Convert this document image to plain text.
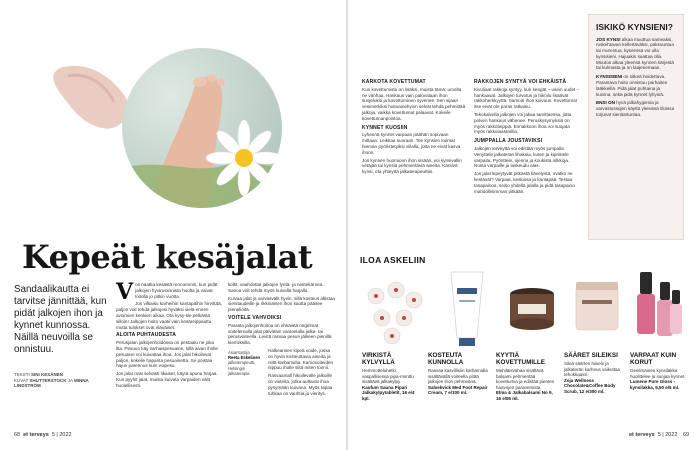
Kepeät kesäjalat
Sandaalikautta ei tarvitse jännittää, kun pidät jalkojen ihon ja kynnet kunnossa. Näillä neuvoilla se onnistuu.
TEKSTI SINI KESÄNEN
KUVAT SHUTTERSTOCK JA MINNA LINDSTRÖM
V oit naattia kesästä rennommin, kun pidät jalkojen hyvinvoinnista huolta ja vaivat loitolla jo pitkin vuotta.
Jos vilkaisu karheihin kantapäihin hirvittää, paljon voit tehdä jalkojesi hyväksi vielä ennen avoimien kenkien aikaa. Ota kysy-sie pelkästä silloin! Jalkojen hoito vaatii vain kesäreippautta mutta tulokset ovat eläväiset.
ALOITA PUHTAUDESTA
Perusjalan jalkojenhoidossa on pestaalu ne joka ilta. Pesuun käy varhaispesuaine, sillä aivan iholle pesuaine voi kuivattaa ihoa. Jos jalat hikoilevat paljon, kokeile hapanta pesuainetta. Se poistaa hajun parennus kuin voipesu.
Jos jalat ovat selvästi likaiset, käytä apuna harjaa. Kun pyyhit jalat, muista kuivata varpaiden välit huolellisesti.
koltit, vaahdottat jalkojen lyntä- ja nestekärnea. Sanoa voit tehdä myös kuivalla harjalla.
Kuivaa jalat ja varvasvälit hyvin, sillä kosteus altistaa sienitaudeille ja rikkinäisen ihon kautta pääsee pieneliöitä.
VOITELE VAHVOIKSI
Parasta jalkojenhoitoa on ehkäistä ongelmat voitelemalla jalat päivittäin vanteelalla jalka- tai perusvoiteella. Levitä rasvaa pesun jälkeen pienillä kierroksilla.
Halkeamien kipeä voide, jossa on hyvin kosteuttavia aineita ja niitä karbamidia. Karvovoiteiden riippuu iholle siitä miten toimii.
Rasvaamall hikoilevalle jalkoille on voiteita, jotka auttavat ihoa pysymään kuivana. Myös tapaa tuhkaa on vauhtia ja vieritys.
Asiantuntija
Reeta Eskelinen
jalkaterapeutti, Helsingin jalkaterapia
68 et terveys 5 | 2022
KARKOTA KOVETTUMAT
Kun kovettumista on lisäksi, muista tämä: umolta ne vanhaa. Hankaus vain palovataan ihon suojeluksi ja kovettuminen syvenee. Sen sijaan vesimerkiksi hoitoainehyvin selvät tehdä pehmittää jalkoja, vaikka kovettumat palaavat. Kokeile kovettumanpoistoa.
KYNNET KUOSIIN
Lyhennä kynnet varpaan päähän sopivaan mittaan. Leikkaa suoraan. Tee kynsien kulmat hieman pyöristetyiksi viilalla, jotta ne eivät kasva ihoon.
Jos kynnen huomioon ihon sisään, voi kynsivallin vetäjää tai kynsiä pehmentäviä aineita. Kärsivä kynsi, ota yhteyttä jalkaterapeuttiin.
RAKKOJEN SYNTYÄ VOI EHKÄISTÄ
Kivuliaat rakkoja syntyy, kun kengät – usein uudet – hankaavat. Jalkojen turvotus ja hikoilu lisäävät rakkoherkkyyttä. Samoin ihon kuivuus. Kovettumat itse eivät ole paras ratkaisu.
Tekokalvolla jalkojen voi jakaa tarvittaessa, jotta polven hankaus vähenee. Peruskysymyksiä on myös rakkoteippiä. Ennakkoon ihoa voi suojata myös rakkolaastarilla.
JUMPPALLA JOUSTAVIKSI
Jalkojen terveyttä voi edistää myös jumpalla. Venyttele jalkaterän lihaksia, kuten ja kipristele varpaita. Pyörittele, ojenna ja koukista nilkkoja. Nosta varpaille ja laskeudu alas.
Jos jalat kipeytyvät pitkästä kävelystä, ovatko ne kestävät? Varpaat, keskiosa ja kantapää. Testaa tasapainoa, seiso yhdellä jalalla ja pidä tasapaino mahdollisimman pitkään.
ISKIKÖ KYNSIENI?

JOS KYNSI alkaa muuttua sameaksi, ruskehtavan kellertäväksi, paksuuntua tai murentua, kyseessä voi olla kynsisieni. Hajuakin saattaa olla. Muutos alkaa yleensä kynnen kärjestä tai kulmasta ja on laajenemaan.

KYNSISIENI on sitkeä hoidettava. Parantava hoito onnistuu parhaiten lääkkeillä. Pidä jalat puhtaina ja kuivina, sekä pidä kynnet lyhyinä.

ENSI ON hyvä jalkahygienia ja varvastossujen käyttö yleisissä tiloissa torjuvat sienitartuntaa.

ILOA ASKELIIN
VIRKISTÄ KYLVYLLÄ
Hemmotteluhetki vaspallisessa pipa-rminttu sisältävä jalkakylpy.
Kaufum Sauna Pipari Jalkakylpytabletit, 16 e/4 kpl.
KOSTEUTA KUNNOLLA
Rasvaa kasvillisiin karbamidia sisältävällä voiteella pitää jalkojen ihon pehmeänä.
Salvekvick Med Foot Repair Cream, 7 e/100 ml.
KYYTIÄ KOVETTUMILLE
Mehiläisvahaa sisältävä balsami pehmentää kovettumia ja edistää pienten haavojen paranemista.
Elma & Jalkabalsami No 9, 16 e/55 ml.
SÄÄRET SILEIKSI
Sileä säärten hiiselv ja jalkaterän karheus vaikuttaa tehokkaasti.
Zoja Wellness Chocolate&Coffee Body Scrub, 12 e/300 ml.
VARPAAT KUIN KORUT
Geelimäinen kynsilakka huolittelee ja suojaa kynnet.
Lumene Pure Gloss -kynsilakka, 5,50 e/5 ml.
et terveys 5 | 2022 69
